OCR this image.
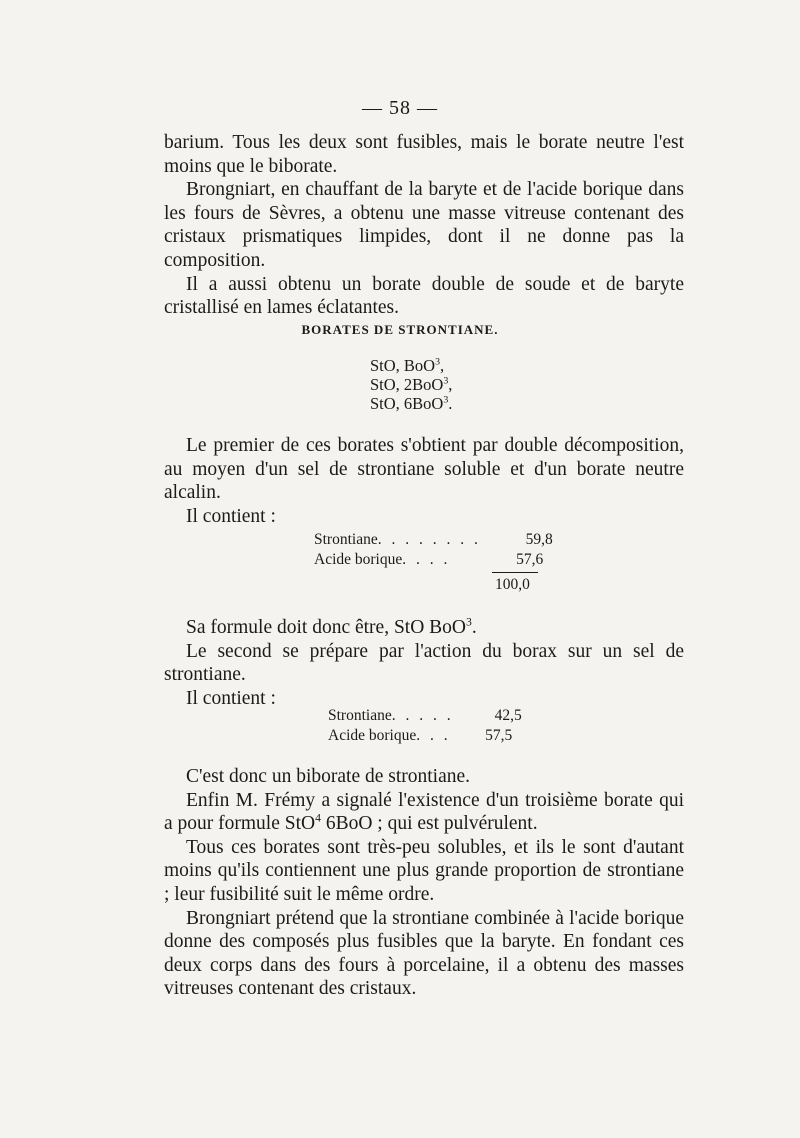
— 58 —

barium. Tous les deux sont fusibles, mais le borate neutre l'est moins que le biborate.

Brongniart, en chauffant de la baryte et de l'acide borique dans les fours de Sèvres, a obtenu une masse vitreuse contenant des cristaux prismatiques limpides, dont il ne donne pas la composition.

Il a aussi obtenu un borate double de soude et de baryte cristallisé en lames éclatantes.

BORATES DE STRONTIANE.
StO, BoO$^3$,
StO, 2BoO$^3$,
StO, 6BoO$^3$.

Le premier de ces borates s'obtient par double décomposition, au moyen d'un sel de strontiane soluble et d'un borate neutre alcalin.

Il contient :

Strontiane . . . . . . . .	59,8
Acide borique . . . .	57,6
100,0

Sa formule doit donc être, StO BoO$^3$.

Le second se prépare par l'action du borax sur un sel de strontiane.

Il contient :

Strontiane . . . . .	42,5
Acide borique . . .	57,5

C'est donc un biborate de strontiane.

Enfin M. Frémy a signalé l'existence d'un troisième borate qui a pour formule StO$^4$ 6BoO ; qui est pulvérulent.

Tous ces borates sont très-peu solubles, et ils le sont d'autant moins qu'ils contiennent une plus grande proportion de strontiane ; leur fusibilité suit le même ordre.

Brongniart prétend que la strontiane combinée à l'acide borique donne des composés plus fusibles que la baryte. En fondant ces deux corps dans des fours à porcelaine, il a obtenu des masses vitreuses contenant des cristaux.
